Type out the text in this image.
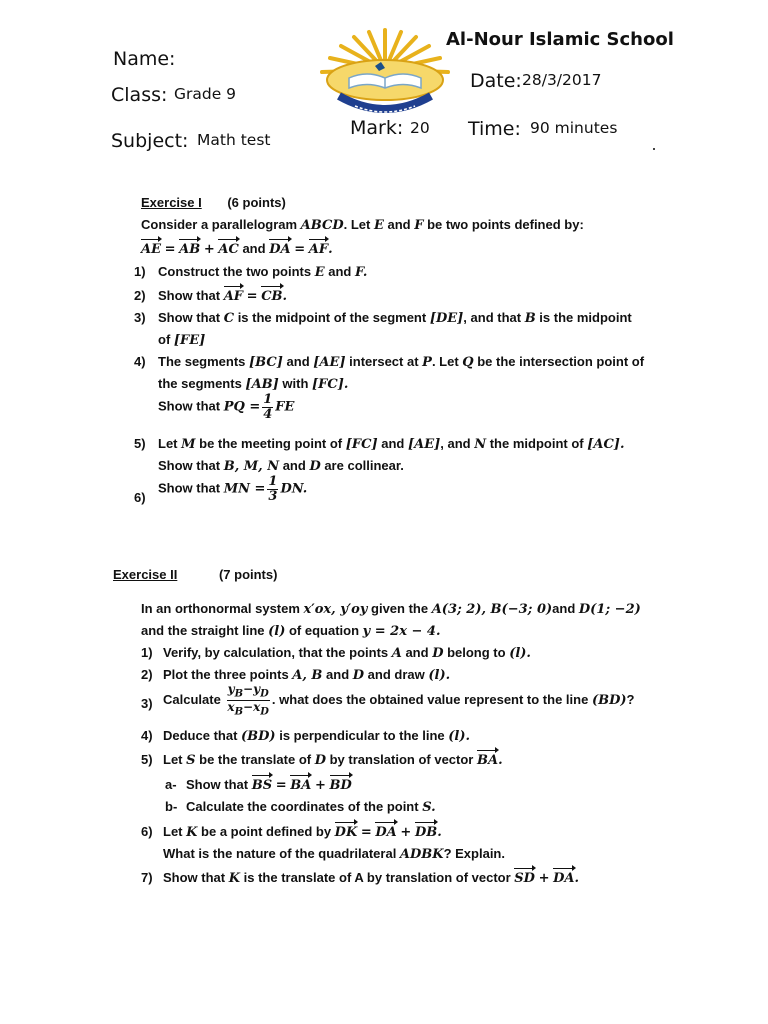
Name:
Class: Grade 9
Subject: Math test
Al-Nour Islamic School
Date: 28/3/2017
Mark: 20 Time: 90 minutes
Exercise I (6 points)
Consider a parallelogram ABCD. Let E and F be two points defined by:
AE = AB + AC and DA = AF.
1) Construct the two points E and F.
2) Show that AF = CB.
3) Show that C is the midpoint of the segment [DE], and that B is the midpoint
of [FE]
4) The segments [BC] and [AE] intersect at P. Let Q be the intersection point of
the segments [AB] with [FC].
Show that PQ = $\frac{1}{4}$ FE
5) Let M be the meeting point of [FC] and [AE], and N the midpoint of [AC].
Show that B, M, N and D are collinear.
6)
Show that MN = $\frac{1}{3}$ DN.
Exercise II	(7 points)
In an orthonormal system x′ox, y′oy given the A(3; 2), B(−3; 0)and D(1; −2)
and the straight line (l) of equation y = 2x − 4.
1) Verify, by calculation, that the points A and D belong to (l).
2) Plot the three points A, B and D and draw (l).
3) Calculate $\frac{y_B-y_D}{x_B-x_D}$ . what does the obtained value represent to the line (BD)?
4) Deduce that (BD) is perpendicular to the line (l).
5) Let S be the translate of D by translation of vector BA.
a- Show that BS = BA + BD
b- Calculate the coordinates of the point S.
6) Let K be a point defined by DK = DA + DB.
What is the nature of the quadrilateral ADBK? Explain.
7) Show that K is the translate of A by translation of vector SD + DA.
